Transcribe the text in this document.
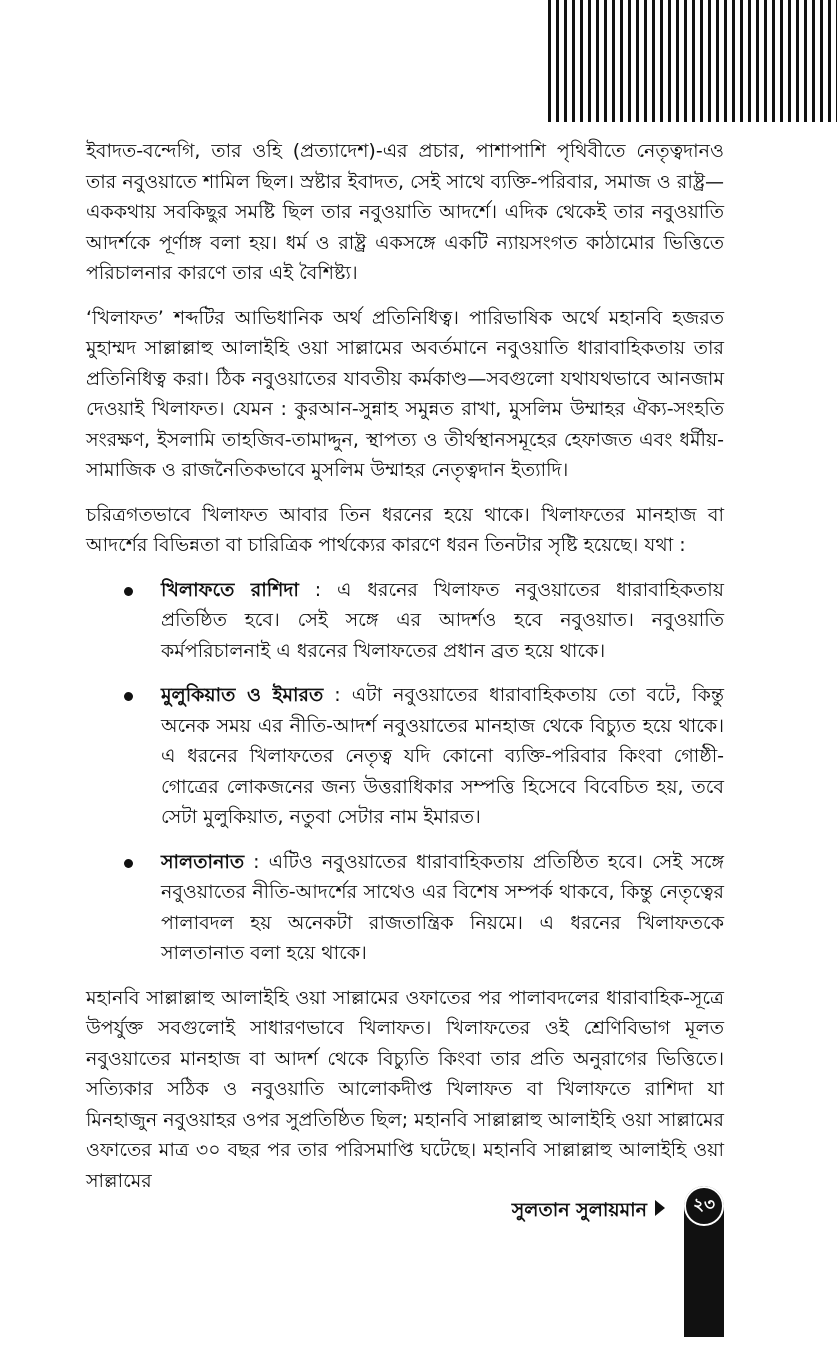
ইবাদত-বন্দেগি, তার ওহি (প্রত্যাদেশ)-এর প্রচার, পাশাপাশি পৃথিবীতে নেতৃত্বদানও তার নবুওয়াতে শামিল ছিল। স্রষ্টার ইবাদত, সেই সাথে ব্যক্তি-পরিবার, সমাজ ও রাষ্ট্র—এককথায় সবকিছুর সমষ্টি ছিল তার নবুওয়াতি আদর্শে। এদিক থেকেই তার নবুওয়াতি আদর্শকে পূর্ণাঙ্গ বলা হয়। ধর্ম ও রাষ্ট্র একসঙ্গে একটি ন্যায়সংগত কাঠামোর ভিত্তিতে পরিচালনার কারণে তার এই বৈশিষ্ট্য।

‘খিলাফত’ শব্দটির আভিধানিক অর্থ প্রতিনিধিত্ব। পারিভাষিক অর্থে মহানবি হজরত মুহাম্মদ সাল্লাল্লাহু আলাইহি ওয়া সাল্লামের অবর্তমানে নবুওয়াতি ধারাবাহিকতায় তার প্রতিনিধিত্ব করা। ঠিক নবুওয়াতের যাবতীয় কর্মকাণ্ড—সবগুলো যথাযথভাবে আনজাম দেওয়াই খিলাফত। যেমন : কুরআন-সুন্নাহ সমুন্নত রাখা, মুসলিম উম্মাহর ঐক্য-সংহতি সংরক্ষণ, ইসলামি তাহজিব-তামাদ্দুন, স্থাপত্য ও তীর্থস্থানসমূহের হেফাজত এবং ধর্মীয়-সামাজিক ও রাজনৈতিকভাবে মুসলিম উম্মাহর নেতৃত্বদান ইত্যাদি।

চরিত্রগতভাবে খিলাফত আবার তিন ধরনের হয়ে থাকে। খিলাফতের মানহাজ বা আদর্শের বিভিন্নতা বা চারিত্রিক পার্থক্যের কারণে ধরন তিনটার সৃষ্টি হয়েছে। যথা :

খিলাফতে রাশিদা : এ ধরনের খিলাফত নবুওয়াতের ধারাবাহিকতায় প্রতিষ্ঠিত হবে। সেই সঙ্গে এর আদর্শও হবে নবুওয়াত। নবুওয়াতি কর্মপরিচালনাই এ ধরনের খিলাফতের প্রধান ব্রত হয়ে থাকে।
মুলুকিয়াত ও ইমারত : এটা নবুওয়াতের ধারাবাহিকতায় তো বটে, কিন্তু অনেক সময় এর নীতি-আদর্শ নবুওয়াতের মানহাজ থেকে বিচ্যুত হয়ে থাকে। এ ধরনের খিলাফতের নেতৃত্ব যদি কোনো ব্যক্তি-পরিবার কিংবা গোষ্ঠী-গোত্রের লোকজনের জন্য উত্তরাধিকার সম্পত্তি হিসেবে বিবেচিত হয়, তবে সেটা মুলুকিয়াত, নতুবা সেটার নাম ইমারত।
সালতানাত : এটিও নবুওয়াতের ধারাবাহিকতায় প্রতিষ্ঠিত হবে। সেই সঙ্গে নবুওয়াতের নীতি-আদর্শের সাথেও এর বিশেষ সম্পর্ক থাকবে, কিন্তু নেতৃত্বের পালাবদল হয় অনেকটা রাজতান্ত্রিক নিয়মে। এ ধরনের খিলাফতকে সালতানাত বলা হয়ে থাকে।

মহানবি সাল্লাল্লাহু আলাইহি ওয়া সাল্লামের ওফাতের পর পালাবদলের ধারাবাহিক-সূত্রে উপর্যুক্ত সবগুলোই সাধারণভাবে খিলাফত। খিলাফতের ওই শ্রেণিবিভাগ মূলত নবুওয়াতের মানহাজ বা আদর্শ থেকে বিচ্যুতি কিংবা তার প্রতি অনুরাগের ভিত্তিতে। সত্যিকার সঠিক ও নবুওয়াতি আলোকদীপ্ত খিলাফত বা খিলাফতে রাশিদা যা মিনহাজুন নবুওয়াহর ওপর সুপ্রতিষ্ঠিত ছিল; মহানবি সাল্লাল্লাহু আলাইহি ওয়া সাল্লামের ওফাতের মাত্র ৩০ বছর পর তার পরিসমাপ্তি ঘটেছে। মহানবি সাল্লাল্লাহু আলাইহি ওয়া সাল্লামের

সুলতান সুলায়মান	২৩
